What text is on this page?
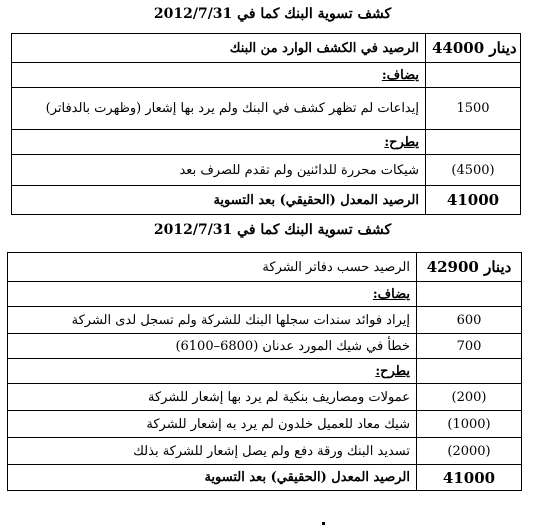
كشف تسوية البنك كما في 2012/7/31
الرصيد في الكشف الوارد من البنك	44000 دينار
يضاف:	
إيداعات لم تظهر كشف في البنك ولم يرد بها إشعار (وظهرت بالدفاتر)	1500
يطرح:	
شيكات محررة للدائنين ولم تقدم للصرف بعد	(4500)
الرصيد المعدل (الحقيقي) بعد التسوية	41000
كشف تسوية البنك كما في 2012/7/31
الرصيد حسب دفاتر الشركة	42900 دينار
يضاف:	
إيراد فوائد سندات سجلها البنك للشركة ولم تسجل لدى الشركة	600
خطأ في شيك المورد عدنان (6800–6100)	700
يطرح:	
عمولات ومصاريف بنكية لم يرد بها إشعار للشركة	(200)
شيك معاد للعميل خلدون لم يرد به إشعار للشركة	(1000)
تسديد البنك ورقة دفع ولم يصل إشعار للشركة بذلك	(2000)
الرصيد المعدل (الحقيقي) بعد التسوية	41000
